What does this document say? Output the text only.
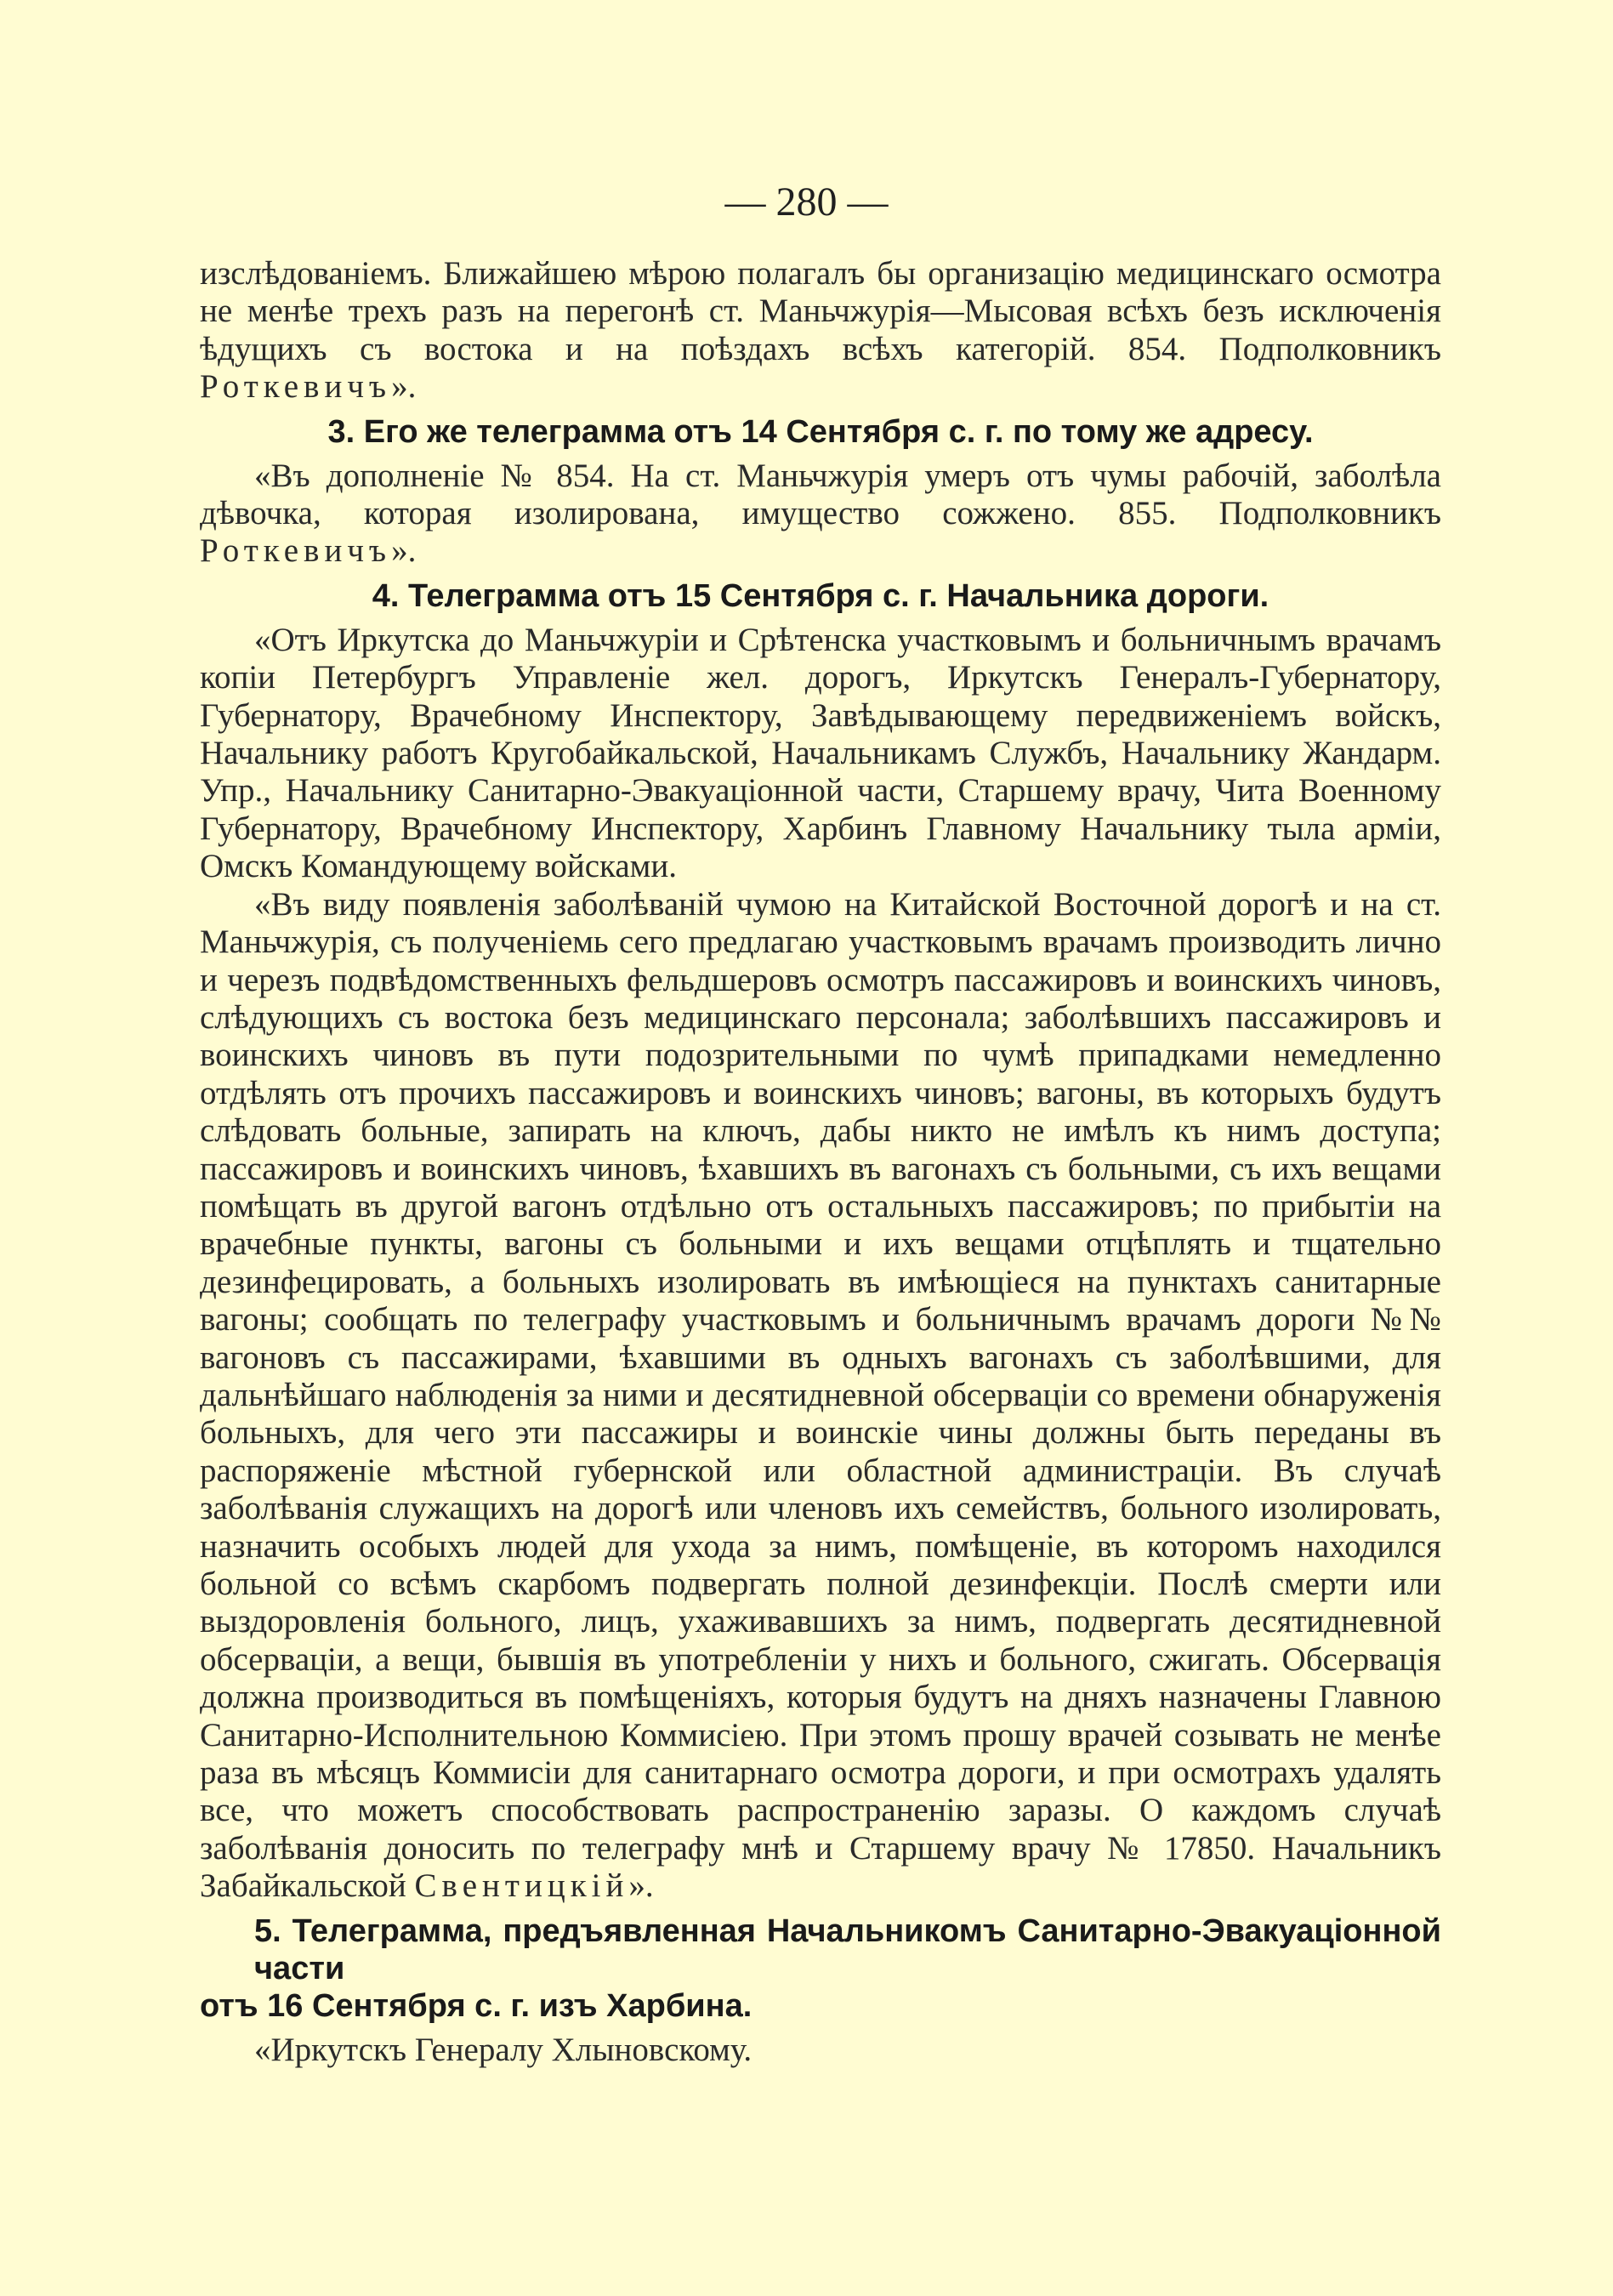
— 280 —

изслѣдованіемъ. Ближайшею мѣрою полагалъ бы организацію медицинскаго осмотра не менѣе трехъ разъ на перегонѣ ст. Маньчжурія—Мысовая всѣхъ безъ исключенія ѣдущихъ съ востока и на поѣздахъ всѣхъ категорій. 854. Подполковникъ Роткевичъ».

3. Его же телеграмма отъ 14 Сентября с. г. по тому же адресу.

«Въ дополненіе № 854. На ст. Маньчжурія умеръ отъ чумы рабочій, заболѣла дѣвочка, которая изолирована, имущество сожжено. 855. Подполковникъ Роткевичъ».

4. Телеграмма отъ 15 Сентября с. г. Начальника дороги.

«Отъ Иркутска до Маньчжуріи и Срѣтенска участковымъ и больничнымъ врачамъ копіи Петербургъ Управленіе жел. дорогъ, Иркутскъ Генералъ-Губернатору, Губернатору, Врачебному Инспектору, Завѣдывающему передвиженіемъ войскъ, Начальнику работъ Кругобайкальской, Начальникамъ Службъ, Начальнику Жандарм. Упр., Начальнику Санитарно-Эвакуаціонной части, Старшему врачу, Чита Военному Губернатору, Врачебному Инспектору, Харбинъ Главному Начальнику тыла арміи, Омскъ Командующему войсками.

«Въ виду появленія заболѣваній чумою на Китайской Восточной дорогѣ и на ст. Маньчжурія, съ полученіемь сего предлагаю участковымъ врачамъ производить лично и черезъ подвѣдомственныхъ фельдшеровъ осмотръ пассажировъ и воинскихъ чиновъ, слѣдующихъ съ востока безъ медицинскаго персонала; заболѣвшихъ пассажировъ и воинскихъ чиновъ въ пути подозрительными по чумѣ припадками немедленно отдѣлять отъ прочихъ пассажировъ и воинскихъ чиновъ; вагоны, въ которыхъ будутъ слѣдовать больные, запирать на ключъ, дабы никто не имѣлъ къ нимъ доступа; пассажировъ и воинскихъ чиновъ, ѣхавшихъ въ вагонахъ съ больными, съ ихъ вещами помѣщать въ другой вагонъ отдѣльно отъ остальныхъ пассажировъ; по прибытіи на врачебные пункты, вагоны съ больными и ихъ вещами отцѣплять и тщательно дезинфецировать, а больныхъ изолировать въ имѣющіеся на пунктахъ санитарные вагоны; сообщать по телеграфу участковымъ и больничнымъ врачамъ дороги №№ вагоновъ съ пассажирами, ѣхавшими въ одныхъ вагонахъ съ заболѣвшими, для дальнѣйшаго наблюденія за ними и десятидневной обсерваціи со времени обнаруженія больныхъ, для чего эти пассажиры и воинскіе чины должны быть переданы въ распоряженіе мѣстной губернской или областной администраціи. Въ случаѣ заболѣванія служащихъ на дорогѣ или членовъ ихъ семействъ, больного изолировать, назначить особыхъ людей для ухода за нимъ, помѣщеніе, въ которомъ находился больной со всѣмъ скарбомъ подвергать полной дезинфекціи. Послѣ смерти или выздоровленія больного, лицъ, ухаживавшихъ за нимъ, подвергать десятидневной обсерваціи, а вещи, бывшія въ употребленіи у нихъ и больного, сжигать. Обсервація должна производиться въ помѣщеніяхъ, которыя будутъ на дняхъ назначены Главною Санитарно-Исполнительною Коммисіею. При этомъ прошу врачей созывать не менѣе раза въ мѣсяцъ Коммисіи для санитарнаго осмотра дороги, и при осмотрахъ удалять все, что можетъ способствовать распространенію заразы. О каждомъ случаѣ заболѣванія доносить по телеграфу мнѣ и Старшему врачу № 17850. Начальникъ Забайкальской Свентицкій».

5. Телеграмма, предъявленная Начальникомъ Санитарно-Эвакуаціонной части
отъ 16 Сентября с. г. изъ Харбина.

«Иркутскъ Генералу Хлыновскому.
